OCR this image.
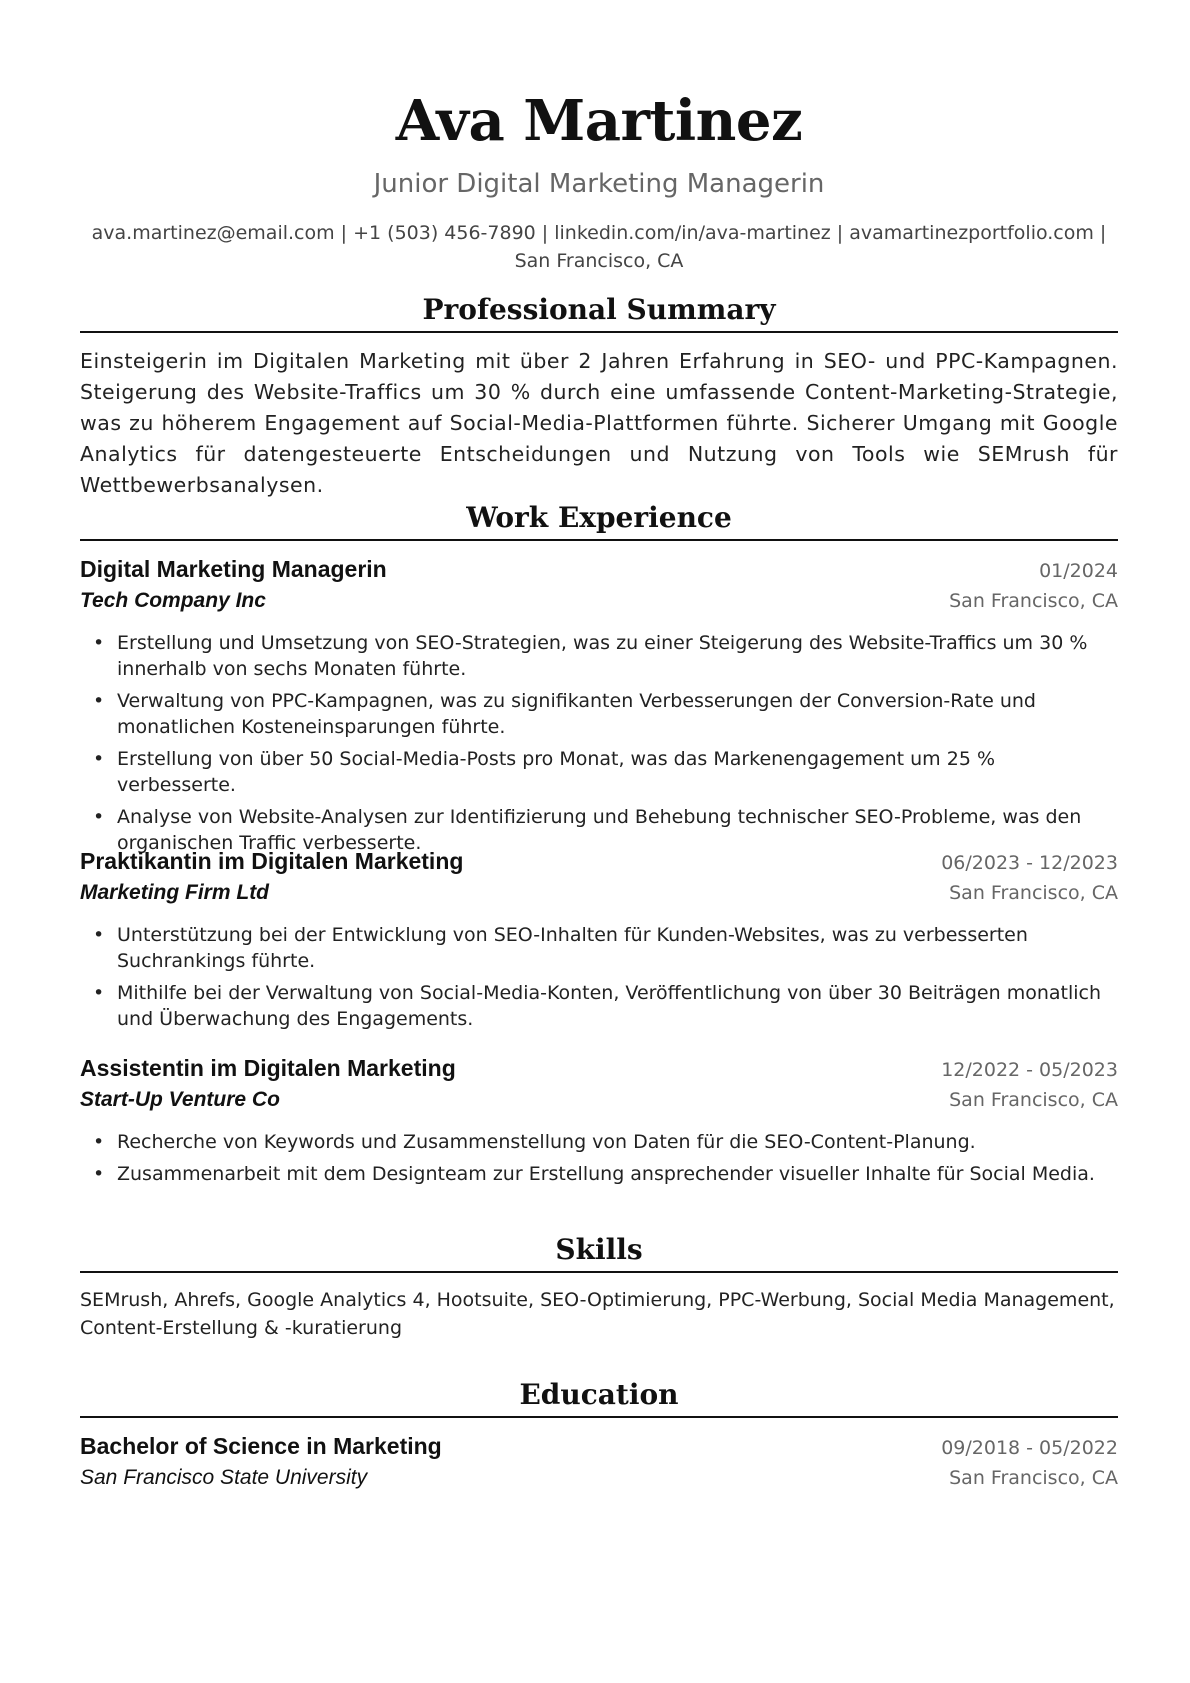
Ava Martinez
Junior Digital Marketing Managerin
ava.martinez@email.com | +1 (503) 456-7890 | linkedin.com/in/ava-martinez | avamartinezportfolio.com | San Francisco, CA
Professional Summary
Einsteigerin im Digitalen Marketing mit über 2 Jahren Erfahrung in SEO- und PPC-Kampagnen. Steigerung des Website-Traffics um 30 % durch eine umfassende Content-Marketing-Strategie, was zu höherem Engagement auf Social-Media-Plattformen führte. Sicherer Umgang mit Google Analytics für datengesteuerte Entscheidungen und Nutzung von Tools wie SEMrush für Wettbewerbsanalysen.
Work Experience
Digital Marketing Managerin	01/2024
Tech Company Inc	San Francisco, CA
• Erstellung und Umsetzung von SEO-Strategien, was zu einer Steigerung des Website-Traffics um 30 % innerhalb von sechs Monaten führte.
• Verwaltung von PPC-Kampagnen, was zu signifikanten Verbesserungen der Conversion-Rate und monatlichen Kosteneinsparungen führte.
• Erstellung von über 50 Social-Media-Posts pro Monat, was das Markenengagement um 25 % verbesserte.
• Analyse von Website-Analysen zur Identifizierung und Behebung technischer SEO-Probleme, was den organischen Traffic verbesserte.
Praktikantin im Digitalen Marketing	06/2023 - 12/2023
Marketing Firm Ltd	San Francisco, CA
• Unterstützung bei der Entwicklung von SEO-Inhalten für Kunden-Websites, was zu verbesserten Suchrankings führte.
• Mithilfe bei der Verwaltung von Social-Media-Konten, Veröffentlichung von über 30 Beiträgen monatlich und Überwachung des Engagements.
Assistentin im Digitalen Marketing	12/2022 - 05/2023
Start-Up Venture Co	San Francisco, CA
• Recherche von Keywords und Zusammenstellung von Daten für die SEO-Content-Planung.
• Zusammenarbeit mit dem Designteam zur Erstellung ansprechender visueller Inhalte für Social Media.
Skills
SEMrush, Ahrefs, Google Analytics 4, Hootsuite, SEO-Optimierung, PPC-Werbung, Social Media Management, Content-Erstellung & -kuratierung
Education
Bachelor of Science in Marketing	09/2018 - 05/2022
San Francisco State University	San Francisco, CA
